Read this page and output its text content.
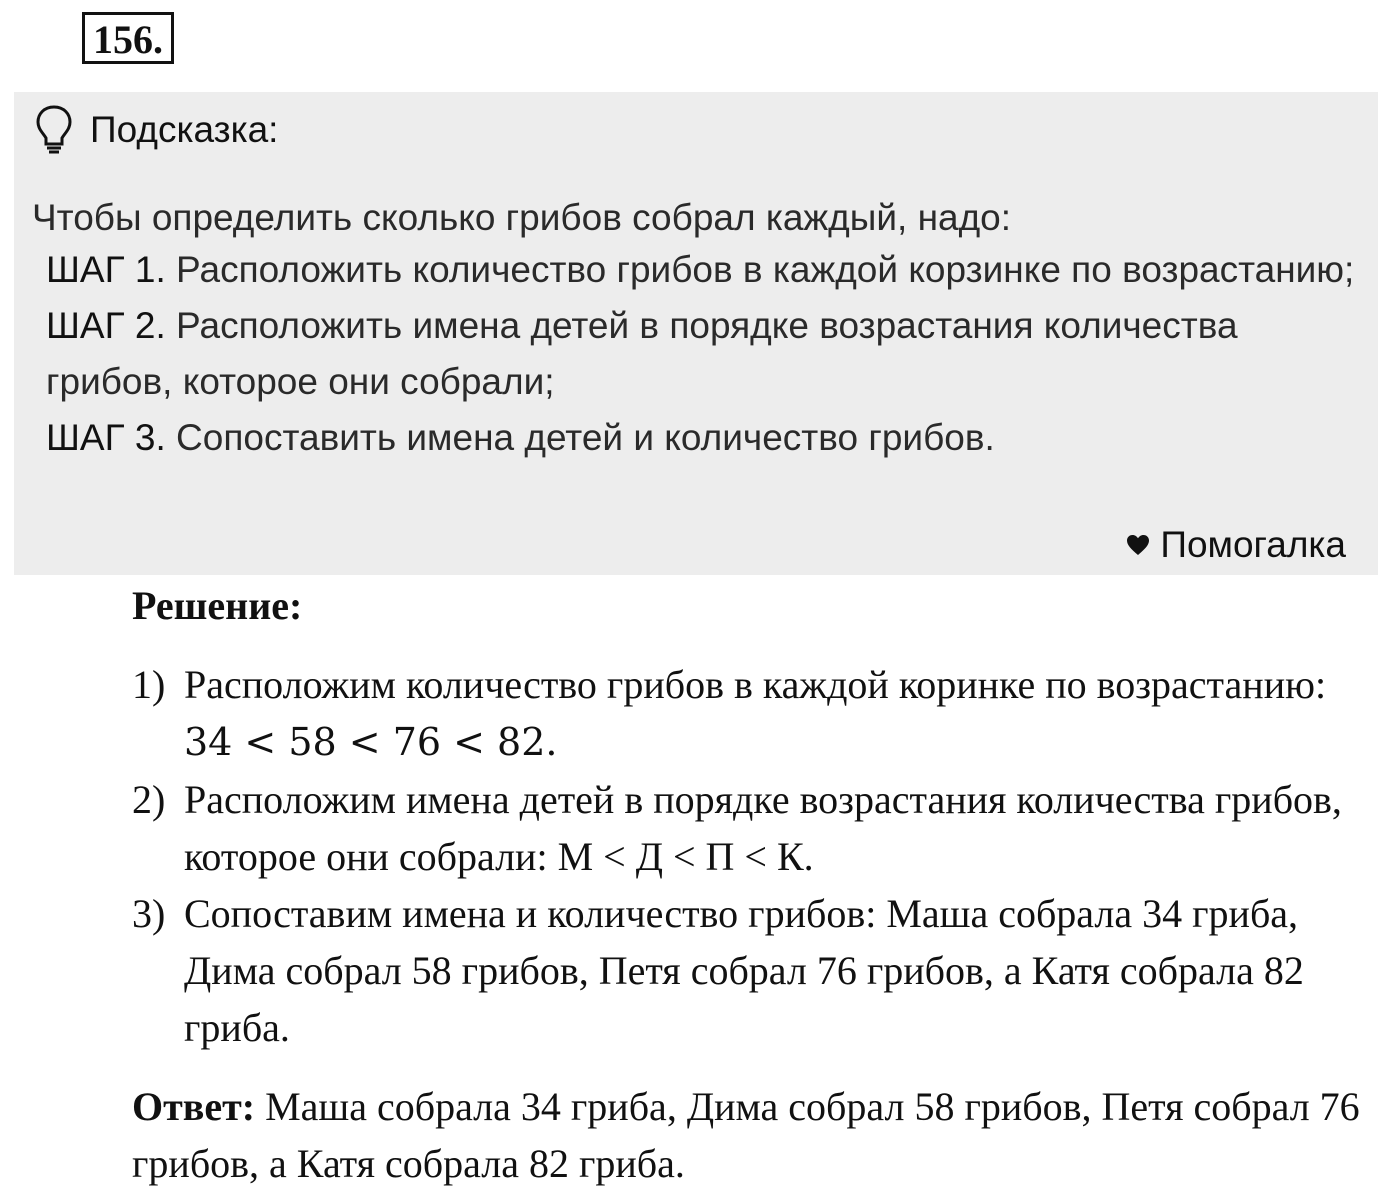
156.
Подсказка:
Чтобы определить сколько грибов собрал каждый, надо:

ШАГ 1. Расположить количество грибов в каждой корзинке по возрастанию;

ШАГ 2. Расположить имена детей в порядке возрастания количества грибов, которое они собрали;

ШАГ 3. Сопоставить имена детей и количество грибов.

Помогалка
Решение:
1) Расположим количество грибов в каждой коринке по возрастанию: 34 < 58 < 76 < 82.
2) Расположим имена детей в порядке возрастания количества грибов, которое они собрали: М < Д < П < К.
3) Сопоставим имена и количество грибов: Маша собрала 34 гриба, Дима собрал 58 грибов, Петя собрал 76 грибов, а Катя собрала 82 гриба.
Ответ: Маша собрала 34 гриба, Дима собрал 58 грибов, Петя собрал 76 грибов, а Катя собрала 82 гриба.
